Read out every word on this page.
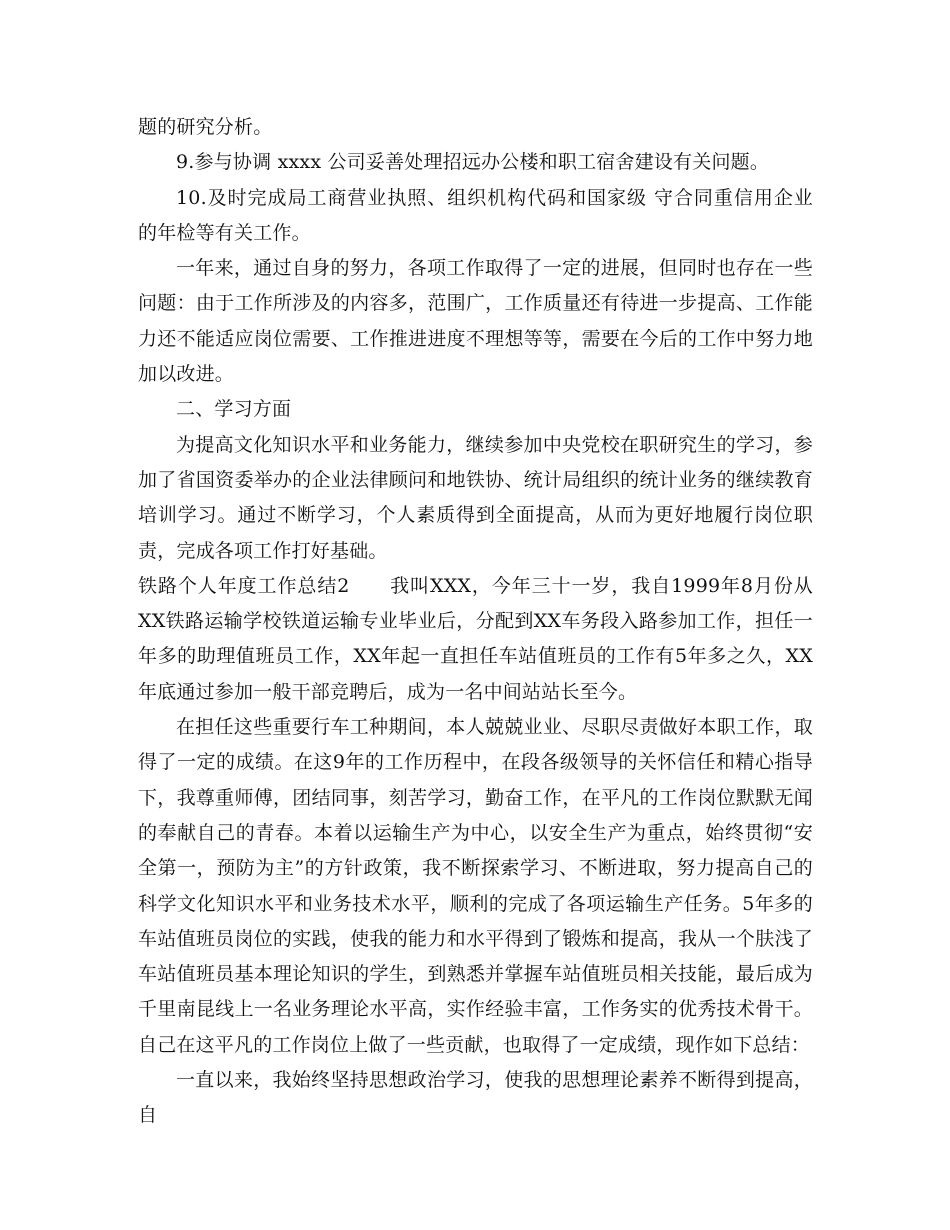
题的研究分析。

9.参与协调 xxxx 公司妥善处理招远办公楼和职工宿舍建设有关问题。

10.及时完成局工商营业执照、组织机构代码和国家级 守合同重信用企业 的年检等有关工作。

一年来，通过自身的努力，各项工作取得了一定的进展，但同时也存在一些问题：由于工作所涉及的内容多，范围广，工作质量还有待进一步提高、工作能力还不能适应岗位需要、工作推进进度不理想等等，需要在今后的工作中努力地加以改进。

二、学习方面

为提高文化知识水平和业务能力，继续参加中央党校在职研究生的学习，参加了省国资委举办的企业法律顾问和地铁协、统计局组织的统计业务的继续教育培训学习。通过不断学习，个人素质得到全面提高，从而为更好地履行岗位职责，完成各项工作打好基础。

铁路个人年度工作总结2　　我叫XXX，今年三十一岁，我自1999年8月份从XX铁路运输学校铁道运输专业毕业后，分配到XX车务段入路参加工作，担任一年多的助理值班员工作，XX年起一直担任车站值班员的工作有5年多之久，XX年底通过参加一般干部竞聘后，成为一名中间站站长至今。

在担任这些重要行车工种期间，本人兢兢业业、尽职尽责做好本职工作，取得了一定的成绩。在这9年的工作历程中，在段各级领导的关怀信任和精心指导下，我尊重师傅，团结同事，刻苦学习，勤奋工作，在平凡的工作岗位默默无闻的奉献自己的青春。本着以运输生产为中心，以安全生产为重点，始终贯彻“安全第一，预防为主”的方针政策，我不断探索学习、不断进取，努力提高自己的科学文化知识水平和业务技术水平，顺利的完成了各项运输生产任务。5年多的车站值班员岗位的实践，使我的能力和水平得到了锻炼和提高，我从一个肤浅了车站值班员基本理论知识的学生，到熟悉并掌握车站值班员相关技能，最后成为千里南昆线上一名业务理论水平高，实作经验丰富，工作务实的优秀技术骨干。自己在这平凡的工作岗位上做了一些贡献，也取得了一定成绩，现作如下总结：

一直以来，我始终坚持思想政治学习，使我的思想理论素养不断得到提高，自
